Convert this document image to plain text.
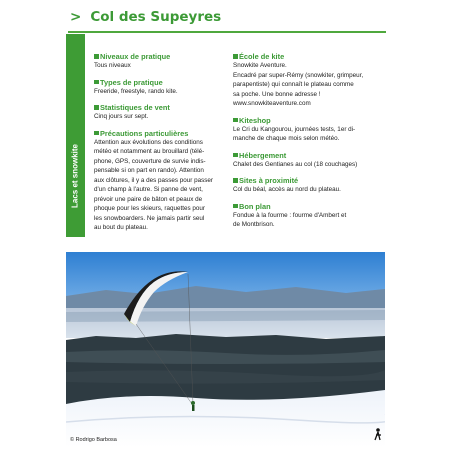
> Col des Supeyres
Niveaux de pratique

Tous niveaux

Types de pratique

Freeride, freestyle, rando kite.

Statistiques de vent

Cinq jours sur sept.

Précautions particulières

Attention aux évolutions des conditions
météo et notamment au brouillard (télé-
phone, GPS, couverture de survie indis-
pensable si on part en rando). Attention
aux clôtures, il y a des passes pour passer
d'un champ à l'autre. Si panne de vent,
prévoir une paire de bâton et peaux de
phoque pour les skieurs, raquettes pour
les snowboarders. Ne jamais partir seul
au bout du plateau.

École de kite

Snowkite Aventure.
Encadré par super-Rémy (snowkiter, grimpeur,
parapentiste) qui connaît le plateau comme
sa poche. Une bonne adresse !
www.snowkiteaventure.com

Kiteshop

Le Cri du Kangourou, journées tests, 1er di-
manche de chaque mois selon météo.

Hébergement

Chalet des Gentianes au col (18 couchages)

Sites à proximité

Col du béal, accès au nord du plateau.

Bon plan

Fondue à la fourme : fourme d'Ambert et
de Montbrison.

Lacs et snowkite
© Rodrigo Barbosa
